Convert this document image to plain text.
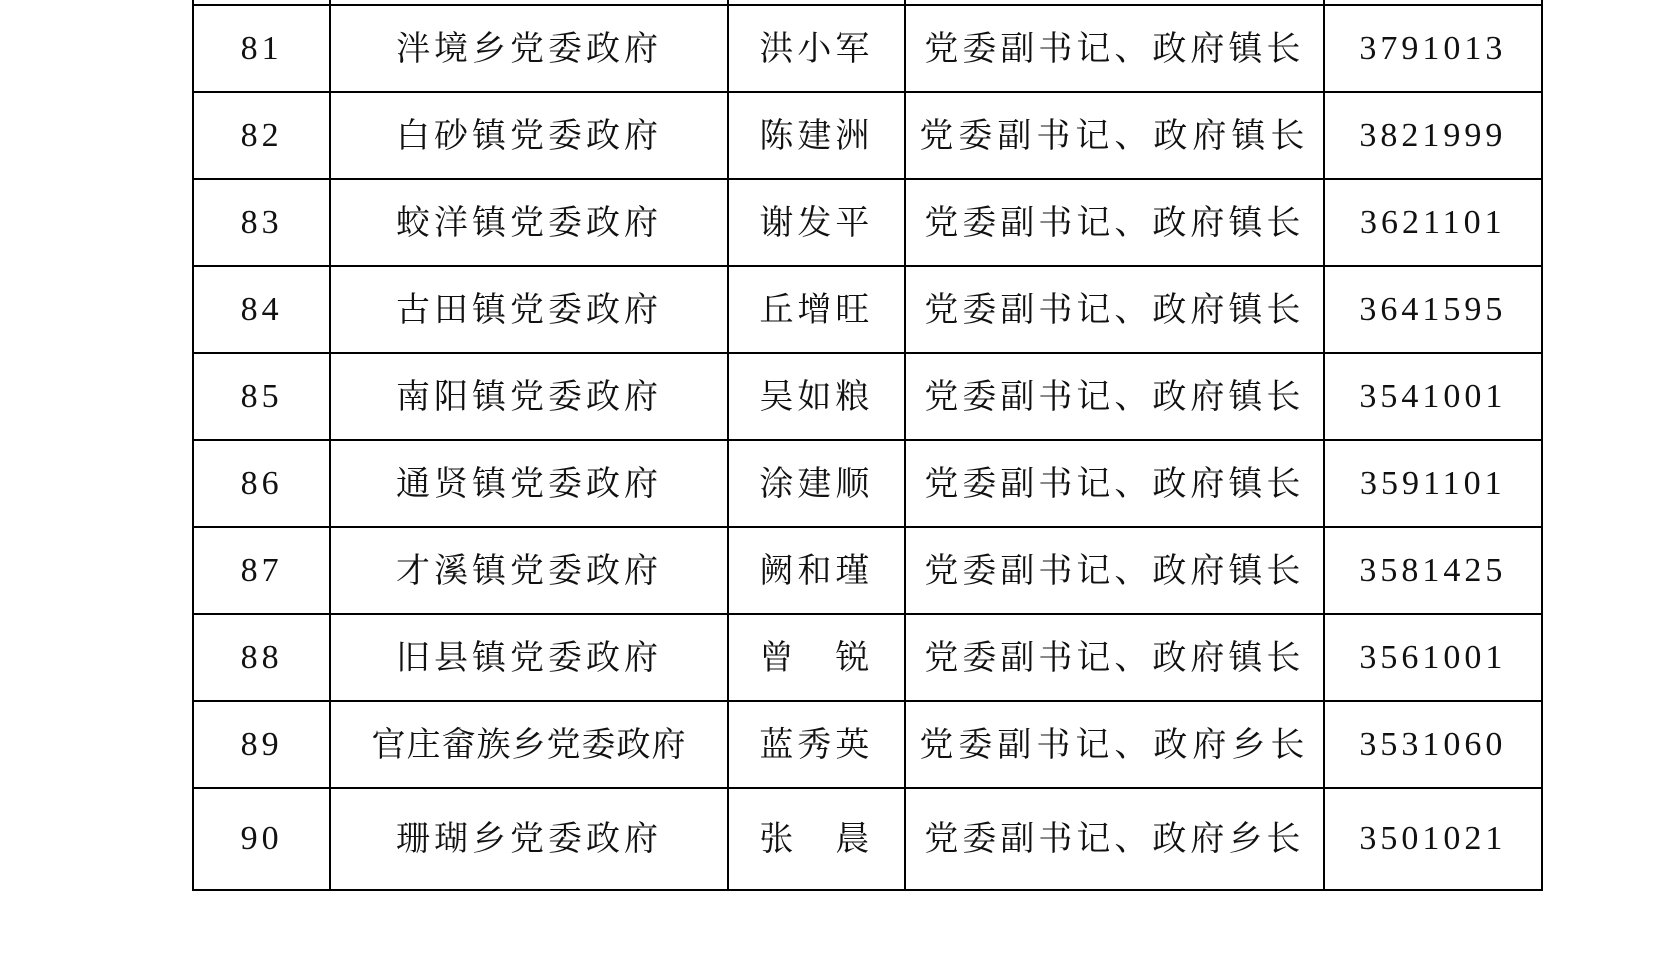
81	泮境乡党委政府	洪小军	党委副书记、政府镇长	3791013
82	白砂镇党委政府	陈建洲	党委副书记、政府镇长	3821999
83	蛟洋镇党委政府	谢发平	党委副书记、政府镇长	3621101
84	古田镇党委政府	丘增旺	党委副书记、政府镇长	3641595
85	南阳镇党委政府	吴如粮	党委副书记、政府镇长	3541001
86	通贤镇党委政府	涂建顺	党委副书记、政府镇长	3591101
87	才溪镇党委政府	阙和瑾	党委副书记、政府镇长	3581425
88	旧县镇党委政府	曾　锐	党委副书记、政府镇长	3561001
89	官庄畲族乡党委政府	蓝秀英	党委副书记、政府乡长	3531060
90	珊瑚乡党委政府	张　晨	党委副书记、政府乡长	3501021
